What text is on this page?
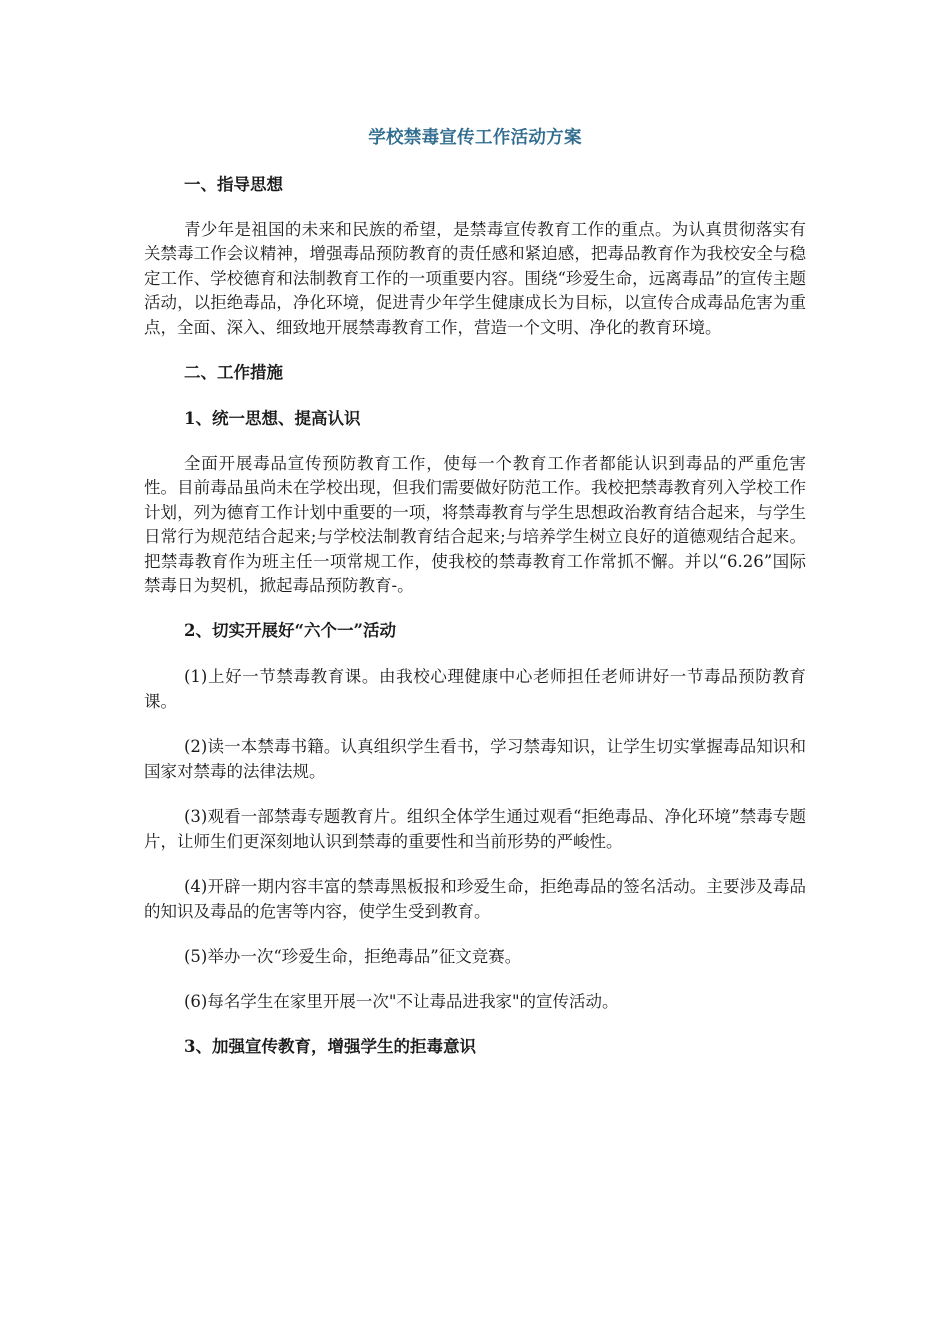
学校禁毒宣传工作活动方案
一、指导思想
青少年是祖国的未来和民族的希望，是禁毒宣传教育工作的重点。为认真贯彻落实有关禁毒工作会议精神，增强毒品预防教育的责任感和紧迫感，把毒品教育作为我校安全与稳定工作、学校德育和法制教育工作的一项重要内容。围绕“珍爱生命，远离毒品”的宣传主题活动，以拒绝毒品，净化环境，促进青少年学生健康成长为目标，以宣传合成毒品危害为重点，全面、深入、细致地开展禁毒教育工作，营造一个文明、净化的教育环境。
二、工作措施
1、统一思想、提高认识
全面开展毒品宣传预防教育工作，使每一个教育工作者都能认识到毒品的严重危害性。目前毒品虽尚未在学校出现，但我们需要做好防范工作。我校把禁毒教育列入学校工作计划，列为德育工作计划中重要的一项，将禁毒教育与学生思想政治教育结合起来，与学生日常行为规范结合起来;与学校法制教育结合起来;与培养学生树立良好的道德观结合起来。把禁毒教育作为班主任一项常规工作，使我校的禁毒教育工作常抓不懈。并以“6.26”国际禁毒日为契机，掀起毒品预防教育-。
2、切实开展好“六个一”活动
(1)上好一节禁毒教育课。由我校心理健康中心老师担任老师讲好一节毒品预防教育课。
(2)读一本禁毒书籍。认真组织学生看书，学习禁毒知识，让学生切实掌握毒品知识和国家对禁毒的法律法规。
(3)观看一部禁毒专题教育片。组织全体学生通过观看“拒绝毒品、净化环境”禁毒专题片，让师生们更深刻地认识到禁毒的重要性和当前形势的严峻性。
(4)开辟一期内容丰富的禁毒黑板报和珍爱生命，拒绝毒品的签名活动。主要涉及毒品的知识及毒品的危害等内容，使学生受到教育。
(5)举办一次“珍爱生命，拒绝毒品”征文竞赛。
(6)每名学生在家里开展一次"不让毒品进我家"的宣传活动。
3、加强宣传教育，增强学生的拒毒意识
